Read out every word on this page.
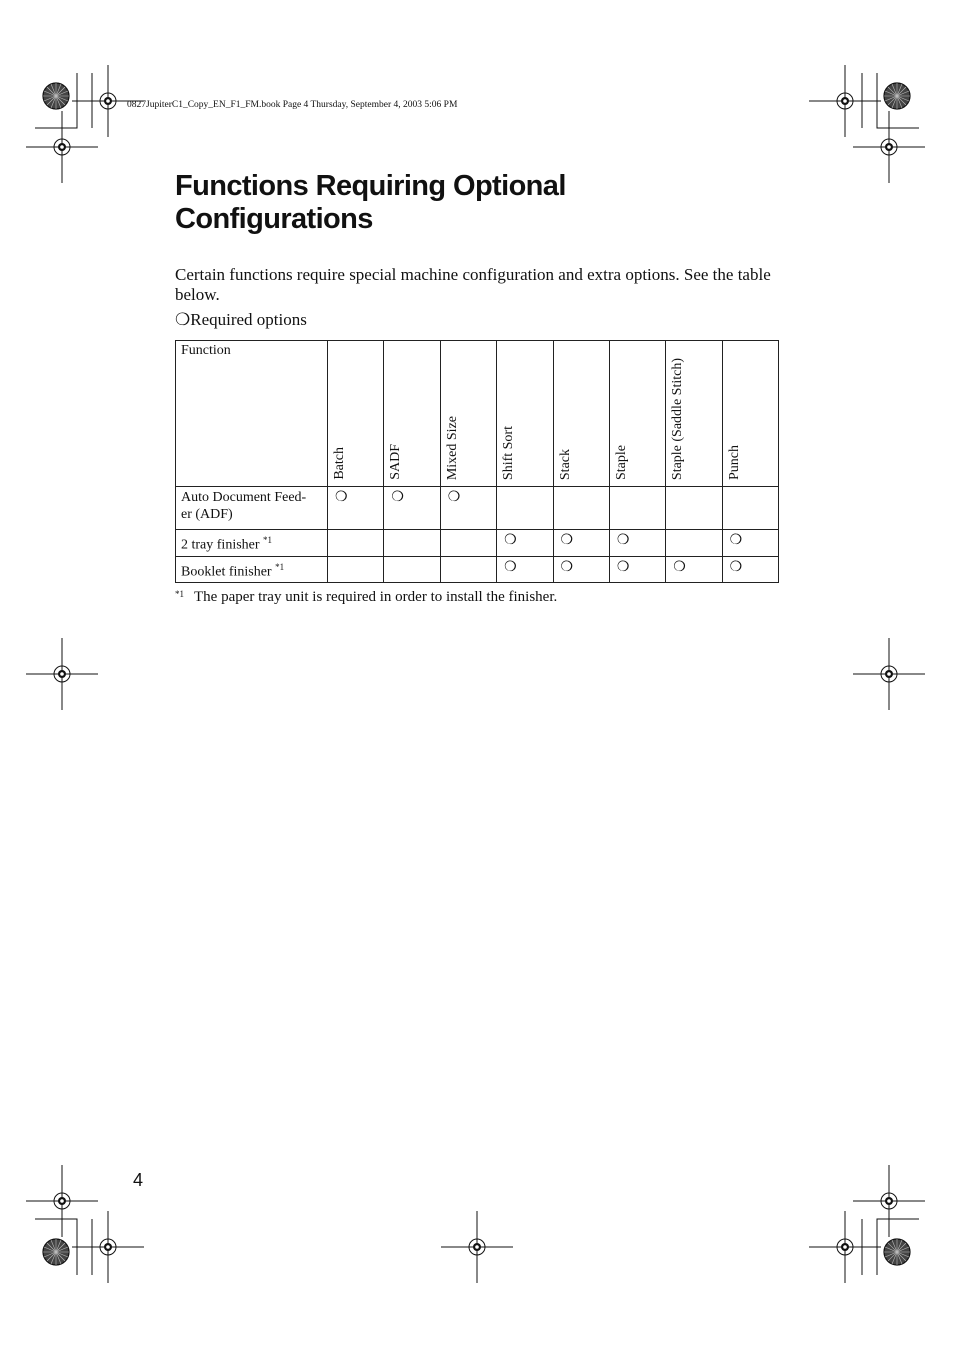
0827JupiterC1_Copy_EN_F1_FM.book Page 4 Thursday, September 4, 2003 5:06 PM
Functions Requiring Optional Configurations

Certain functions require special machine configuration and extra options. See the table below.

❍Required options
Function	Batch	SADF	Mixed Size	Shift Sort	Stack	Staple	Staple (Saddle Stitch)	Punch

Auto Document Feed-
er (ADF)	❍	❍	❍					
2 tray finisher $^{*1}$				❍	❍	❍		❍
Booklet finisher $^{*1}$				❍	❍	❍	❍	❍
$^{*1}$ The paper tray unit is required in order to install the finisher.
4
